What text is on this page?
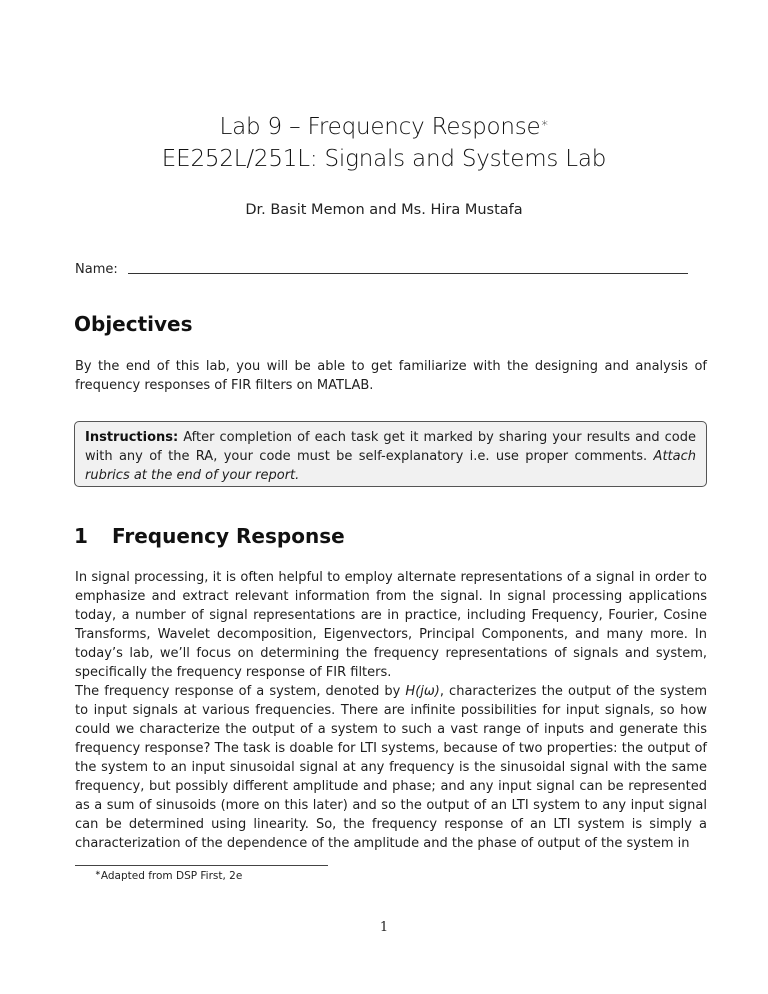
Lab 9 – Frequency Response∗
EE252L/251L: Signals and Systems Lab
Dr. Basit Memon and Ms. Hira Mustafa
Name:
Objectives
By the end of this lab, you will be able to get familiarize with the designing and analysis of frequency responses of FIR filters on MATLAB.
Instructions: After completion of each task get it marked by sharing your results and code with any of the RA, your code must be self-explanatory i.e. use proper comments. Attach rubrics at the end of your report.
1 Frequency Response
In signal processing, it is often helpful to employ alternate representations of a signal in order to emphasize and extract relevant information from the signal. In signal processing applications today, a number of signal representations are in practice, including Frequency, Fourier, Cosine Transforms, Wavelet decomposition, Eigenvectors, Principal Components, and many more. In today’s lab, we’ll focus on determining the frequency representations of signals and system, specifically the frequency response of FIR filters.
The frequency response of a system, denoted by H(jω), characterizes the output of the system to input signals at various frequencies. There are infinite possibilities for input signals, so how could we characterize the output of a system to such a vast range of inputs and generate this frequency response? The task is doable for LTI systems, because of two properties: the output of the system to an input sinusoidal signal at any frequency is the sinusoidal signal with the same frequency, but possibly different amplitude and phase; and any input signal can be represented as a sum of sinusoids (more on this later) and so the output of an LTI system to any input signal can be determined using linearity. So, the frequency response of an LTI system is simply a characterization of the dependence of the amplitude and the phase of output of the system in
∗Adapted from DSP First, 2e
1
